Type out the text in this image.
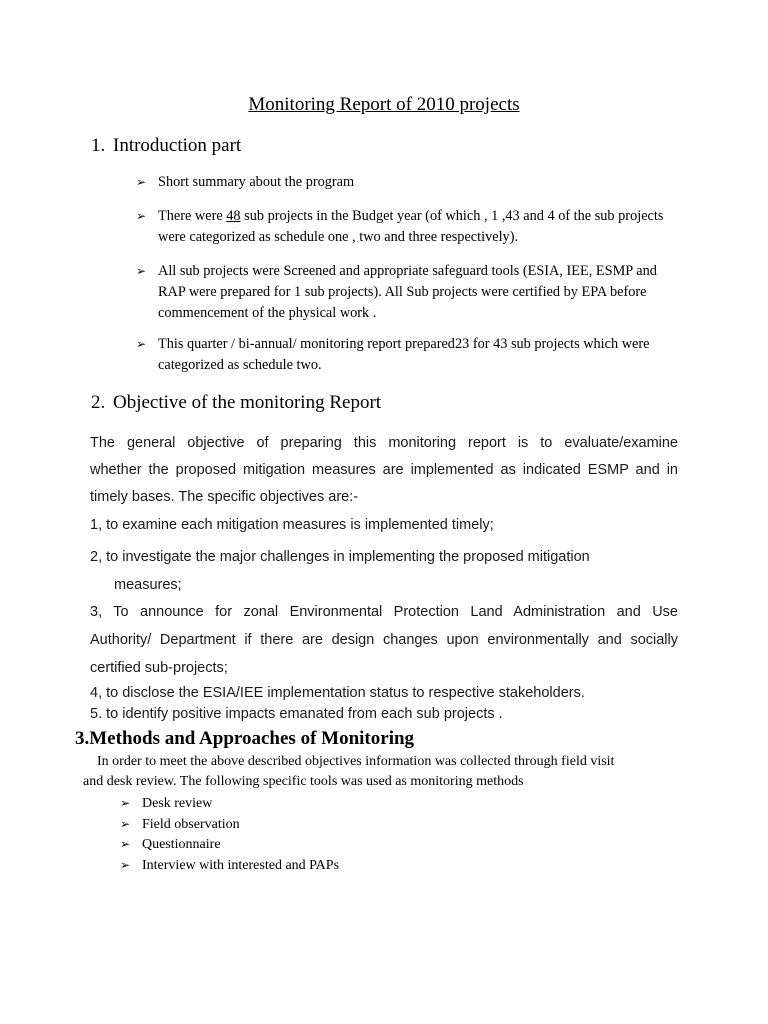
Monitoring Report of 2010 projects
1. Introduction part
➢ Short summary about the program
➢ There were 48 sub projects in the Budget year (of which , 1 ,43 and 4 of the sub projects were categorized as schedule one , two and three respectively).
➢ All sub projects were Screened and appropriate safeguard tools (ESIA, IEE, ESMP and RAP were prepared for 1 sub projects). All Sub projects were certified by EPA before commencement of the physical work .
➢ This quarter / bi-annual/ monitoring report prepared23 for 43 sub projects which were categorized as schedule two.
2. Objective of the monitoring Report
The general objective of preparing this monitoring report is to evaluate/examine
whether the proposed mitigation measures are implemented as indicated ESMP and in
timely bases. The specific objectives are:-
1, to examine each mitigation measures is implemented timely;
2, to investigate the major challenges in implementing the proposed mitigation
measures;
3, To announce for zonal Environmental Protection Land Administration and Use
Authority/ Department if there are design changes upon environmentally and socially
certified sub-projects;
4, to disclose the ESIA/IEE implementation status to respective stakeholders.
5. to identify positive impacts emanated from each sub projects .
3.Methods and Approaches of Monitoring
In order to meet the above described objectives information was collected through field visit
and desk review. The following specific tools was used as monitoring methods
➢ Desk review
➢ Field observation
➢ Questionnaire
➢ Interview with interested and PAPs
